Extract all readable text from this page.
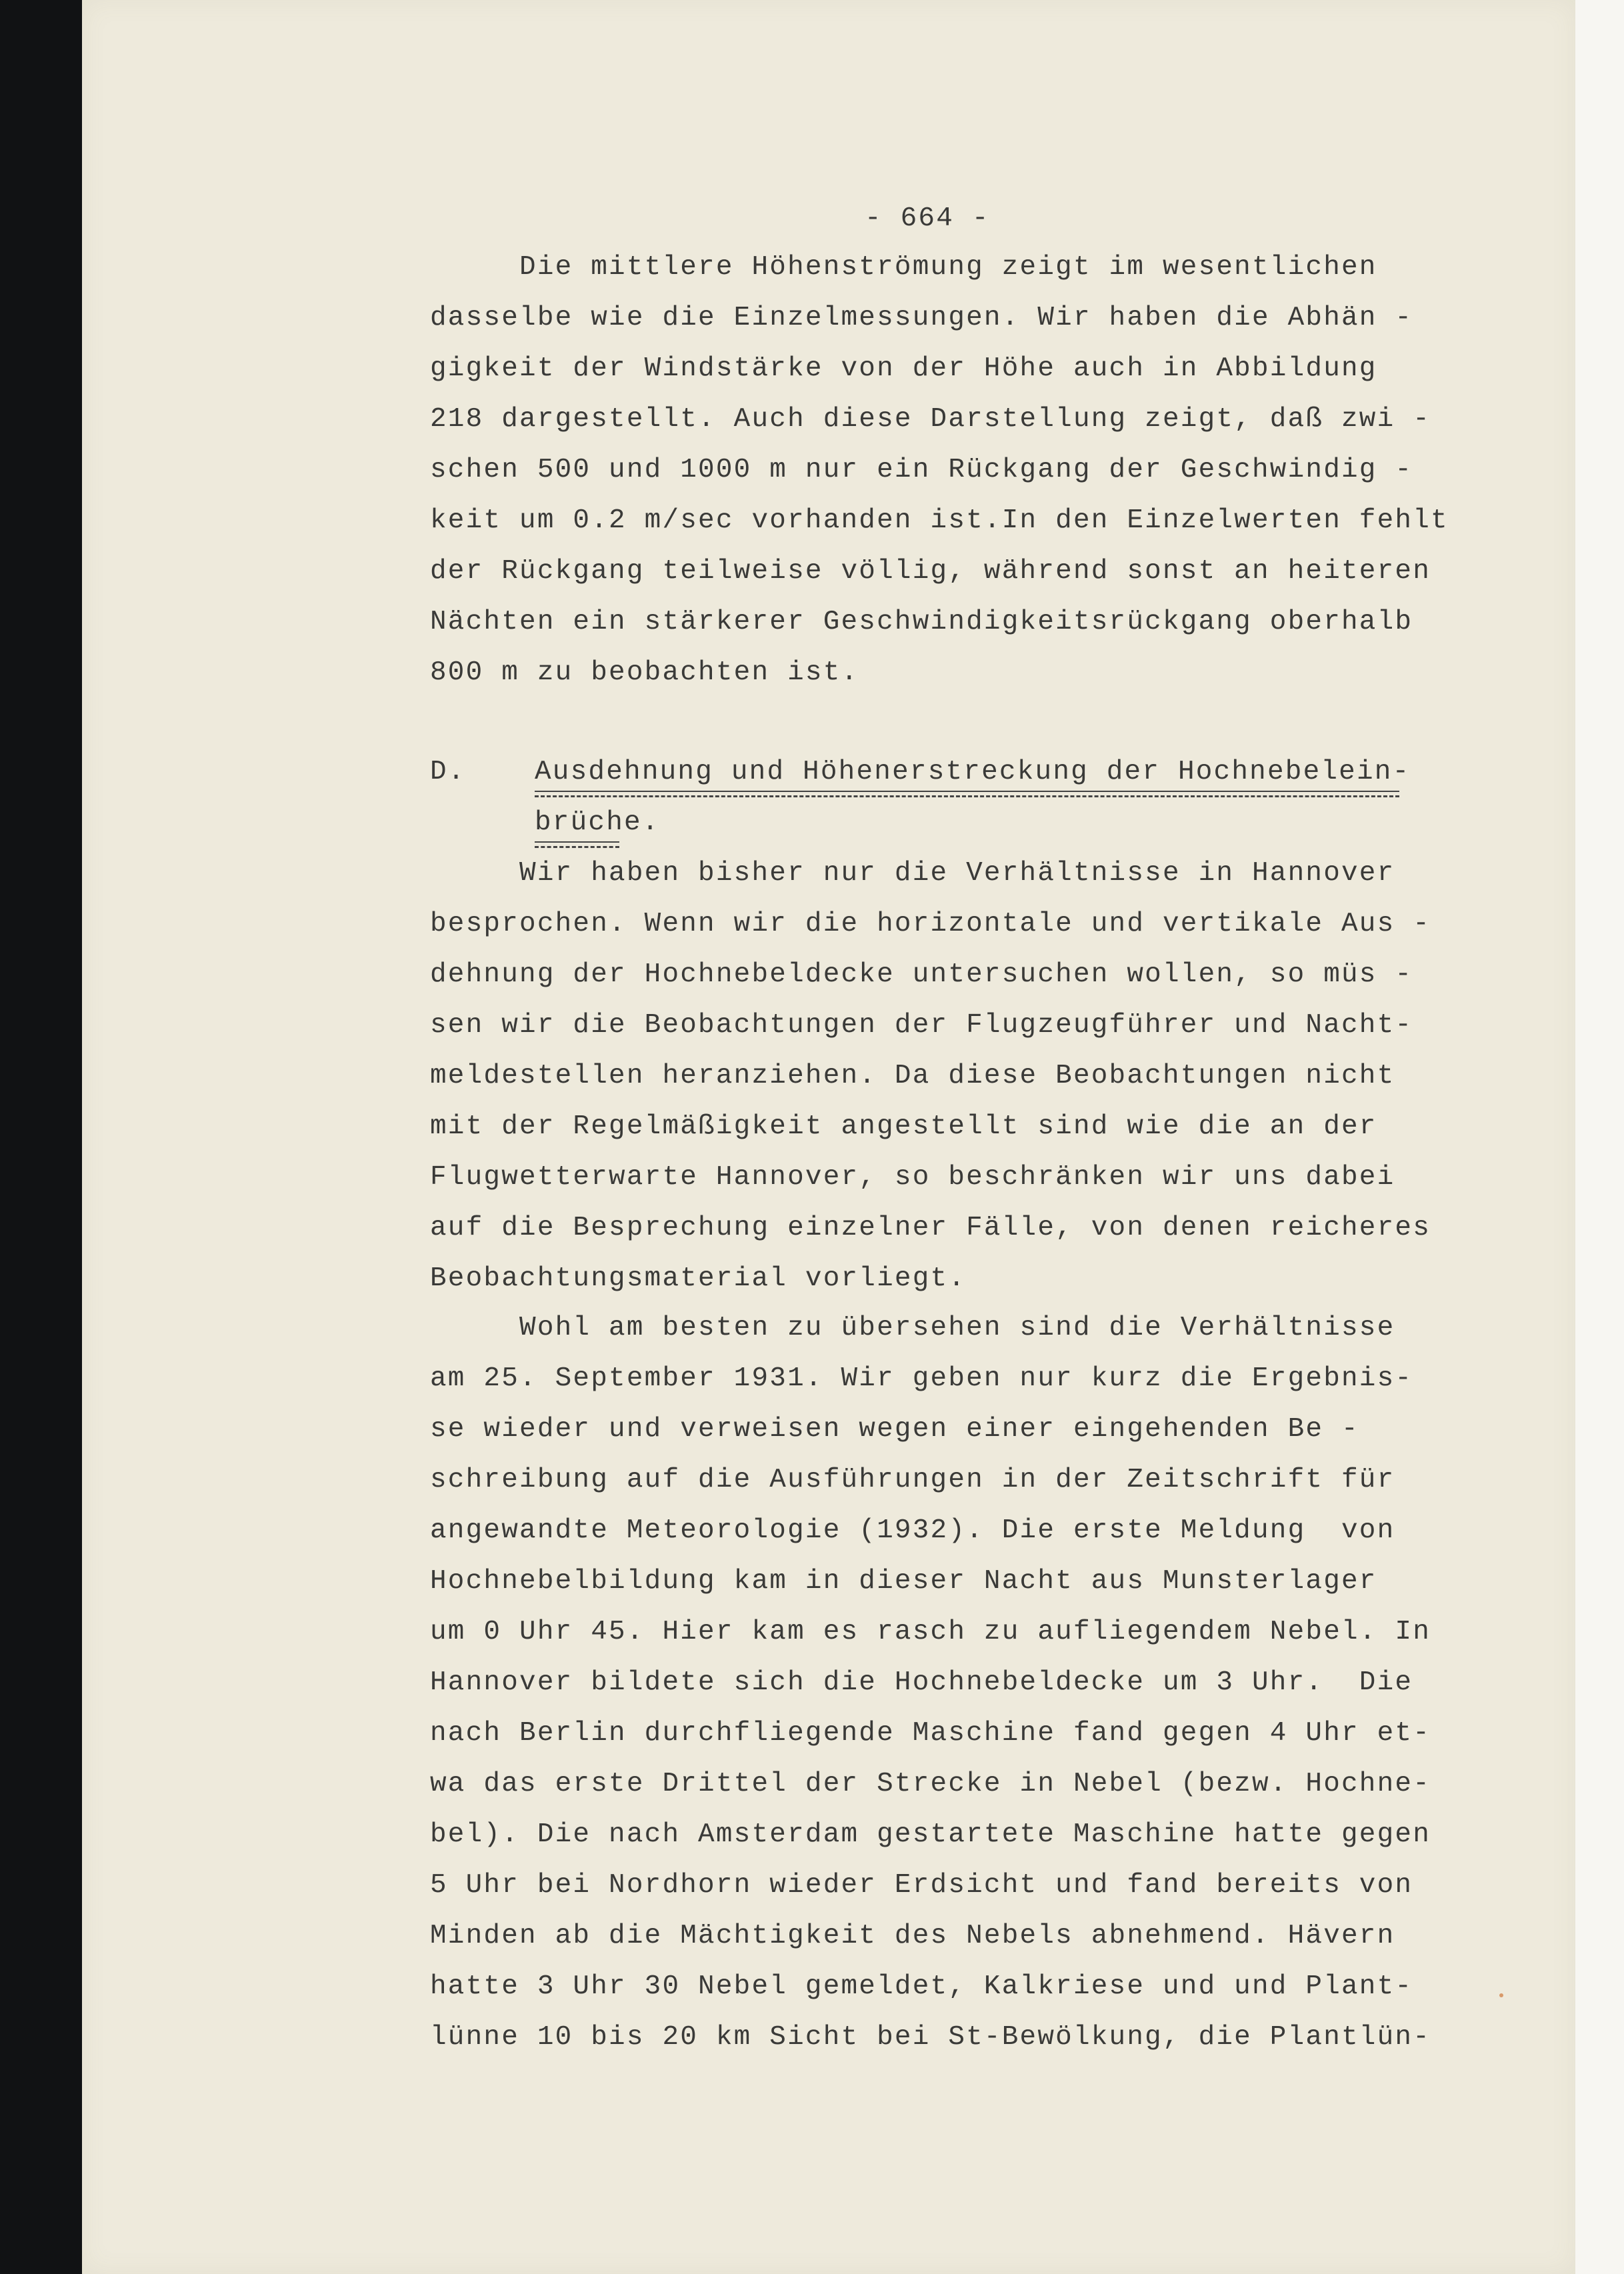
- 664 -

Die mittlere Höhenströmung zeigt im wesentlichen

dasselbe wie die Einzelmessungen. Wir haben die Abhän -

gigkeit der Windstärke von der Höhe auch in Abbildung

218 dargestellt. Auch diese Darstellung zeigt, daß zwi -

schen 500 und 1000 m nur ein Rückgang der Geschwindig -

keit um 0.2 m/sec vorhanden ist.In den Einzelwerten fehlt

der Rückgang teilweise völlig, während sonst an heiteren

Nächten ein stärkerer Geschwindigkeitsrückgang oberhalb

800 m zu beobachten ist.

D.

	Ausdehnung und Höhenerstreckung der Hochnebelein-

brüche.

Wir haben bisher nur die Verhältnisse in Hannover

besprochen. Wenn wir die horizontale und vertikale Aus -

dehnung der Hochnebeldecke untersuchen wollen, so müs -

sen wir die Beobachtungen der Flugzeugführer und Nacht-

meldestellen heranziehen. Da diese Beobachtungen nicht

mit der Regelmäßigkeit angestellt sind wie die an der

Flugwetterwarte Hannover, so beschränken wir uns dabei

auf die Besprechung einzelner Fälle, von denen reicheres

Beobachtungsmaterial vorliegt.

Wohl am besten zu übersehen sind die Verhältnisse

am 25. September 1931. Wir geben nur kurz die Ergebnis-

se wieder und verweisen wegen einer eingehenden Be -

schreibung auf die Ausführungen in der Zeitschrift für

angewandte Meteorologie (1932). Die erste Meldung  von

Hochnebelbildung kam in dieser Nacht aus Munsterlager

um 0 Uhr 45. Hier kam es rasch zu aufliegendem Nebel. In

Hannover bildete sich die Hochnebeldecke um 3 Uhr.  Die

nach Berlin durchfliegende Maschine fand gegen 4 Uhr et-

wa das erste Drittel der Strecke in Nebel (bezw. Hochne-

bel). Die nach Amsterdam gestartete Maschine hatte gegen

5 Uhr bei Nordhorn wieder Erdsicht und fand bereits von

Minden ab die Mächtigkeit des Nebels abnehmend. Hävern

hatte 3 Uhr 30 Nebel gemeldet, Kalkriese und und Plant-

lünne 10 bis 20 km Sicht bei St-Bewölkung, die Plantlün-
